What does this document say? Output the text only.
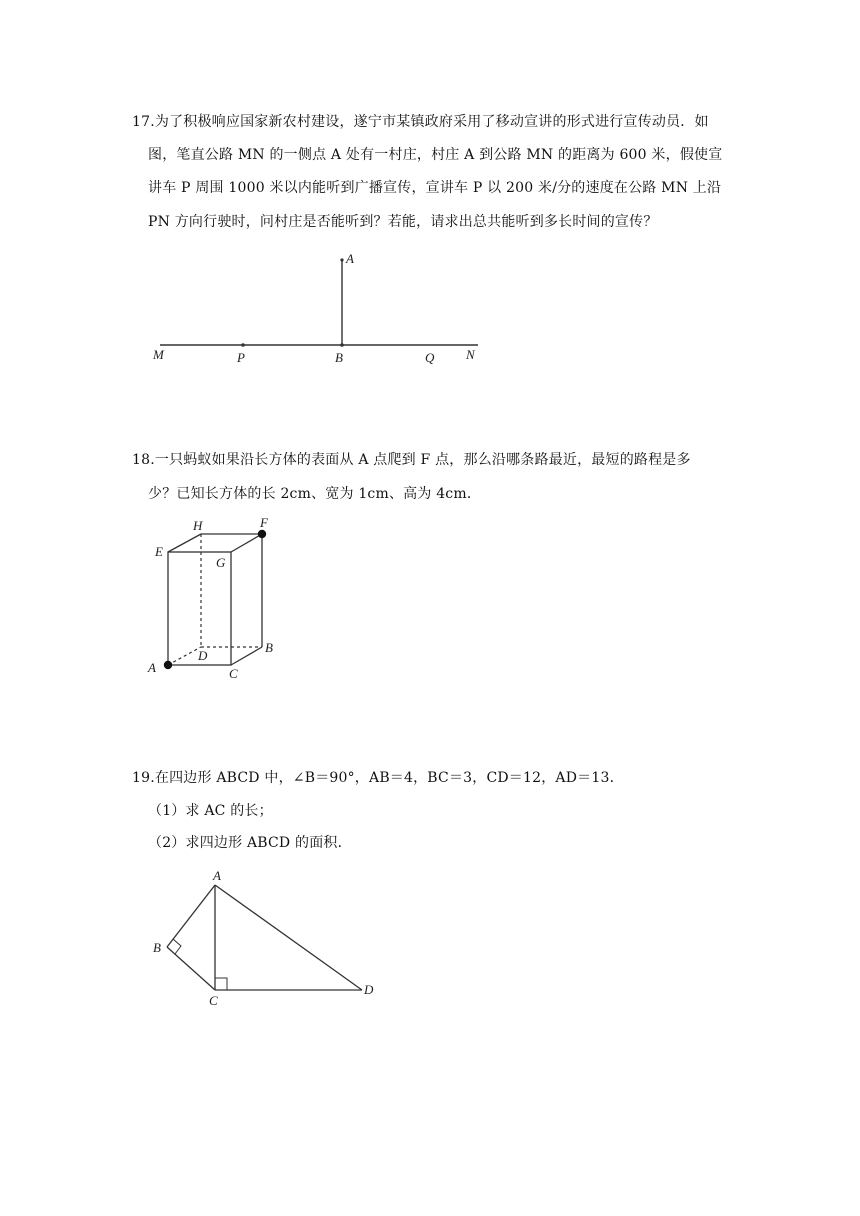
17.为了积极响应国家新农村建设，遂宁市某镇政府采用了移动宣讲的形式进行宣传动员．如
图，笔直公路 MN 的一侧点 A 处有一村庄，村庄 A 到公路 MN 的距离为 600 米，假使宣
讲车 P 周围 1000 米以内能听到广播宣传，宣讲车 P 以 200 米/分的速度在公路 MN 上沿
PN 方向行驶时，问村庄是否能听到？若能，请求出总共能听到多长时间的宣传？
A
M	P	B	Q N
18.一只蚂蚁如果沿长方体的表面从 A 点爬到 F 点，那么沿哪条路最近，最短的路程是多
少？已知长方体的长 2cm、宽为 1cm、高为 4cm．
H	F
E
G
D
B
A	C
19.在四边形 ABCD 中，∠B＝90°，AB＝4，BC＝3，CD＝12，AD＝13．
（1）求 AC 的长；
（2）求四边形 ABCD 的面积．
A
B
C
D
